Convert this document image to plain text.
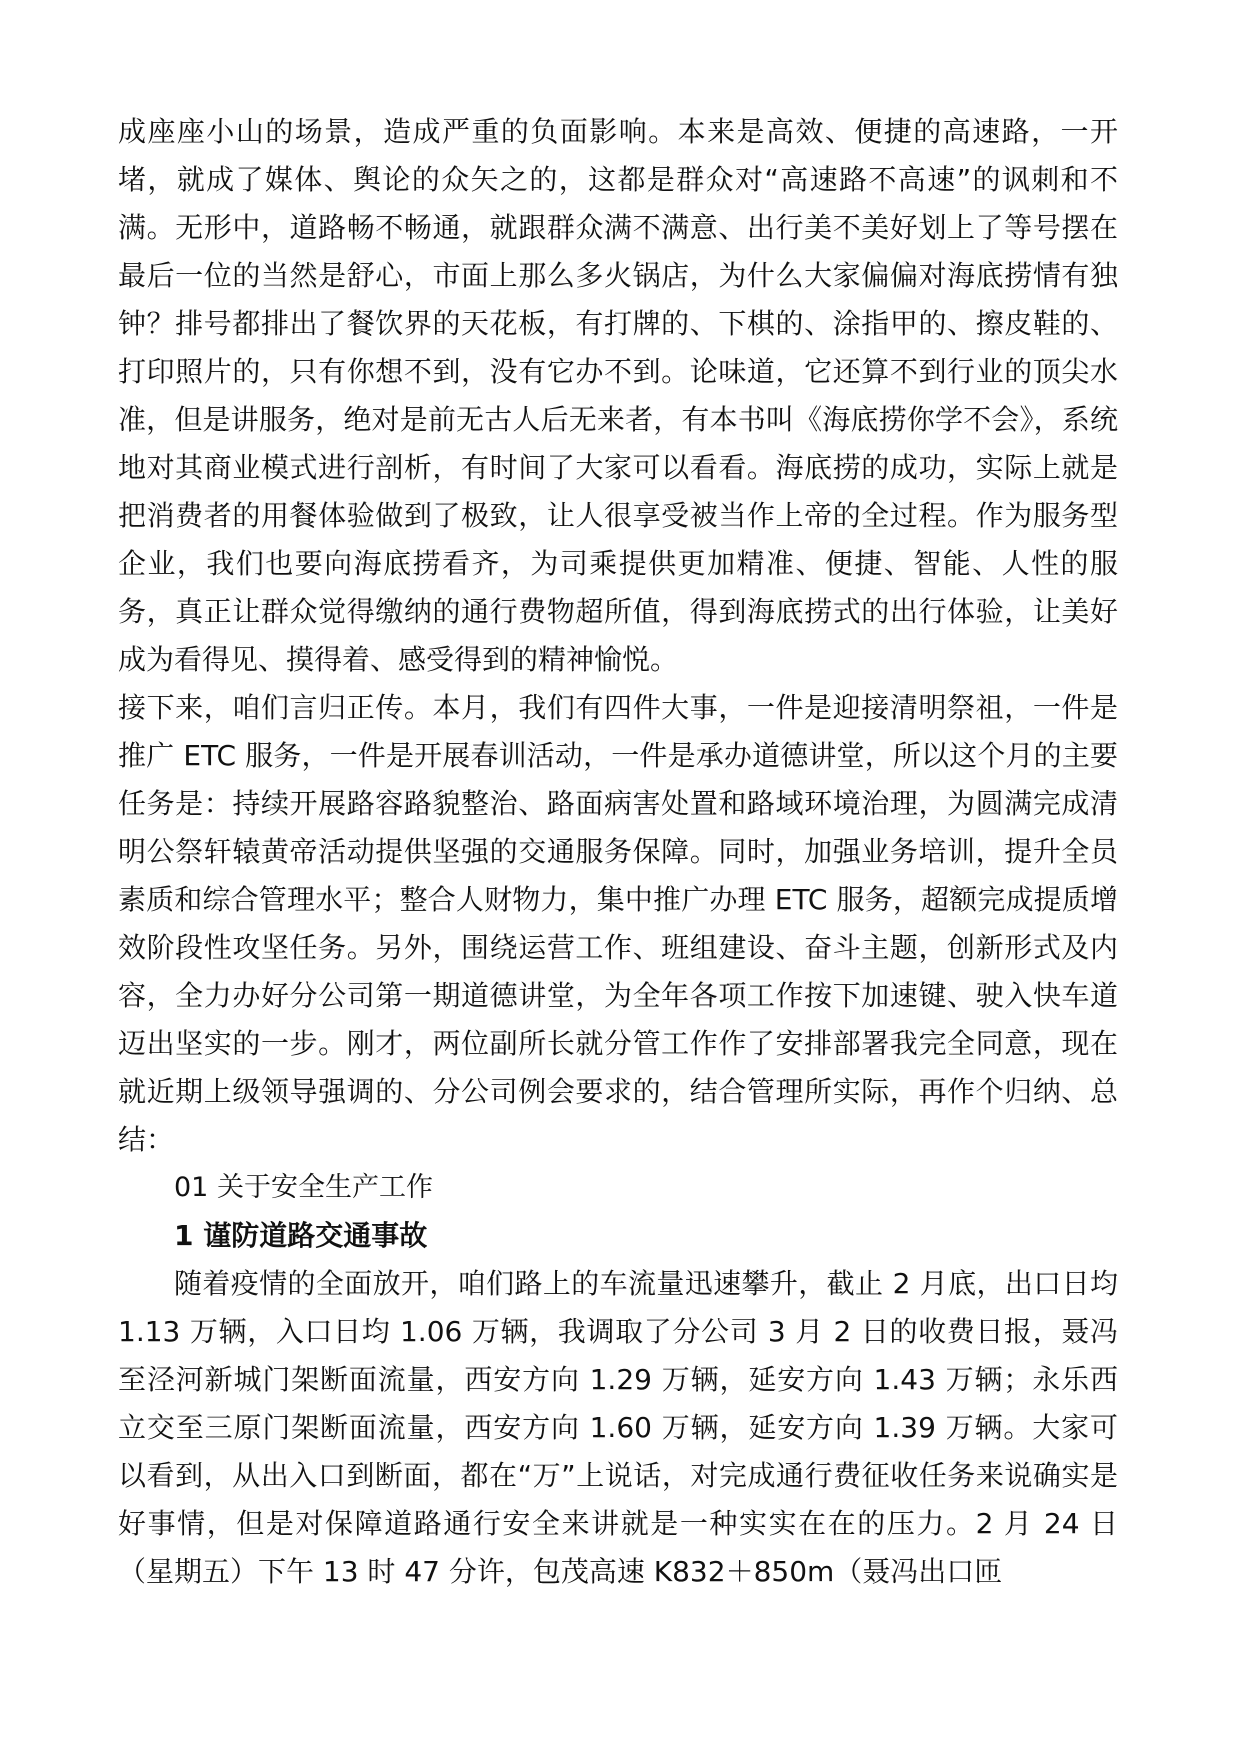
成座座小山的场景，造成严重的负面影响。本来是高效、便捷的高速路，一开堵，就成了媒体、舆论的众矢之的，这都是群众对“高速路不高速”的讽刺和不满。无形中，道路畅不畅通，就跟群众满不满意、出行美不美好划上了等号摆在最后一位的当然是舒心，市面上那么多火锅店，为什么大家偏偏对海底捞情有独钟？排号都排出了餐饮界的天花板，有打牌的、下棋的、涂指甲的、擦皮鞋的、打印照片的，只有你想不到，没有它办不到。论味道，它还算不到行业的顶尖水准，但是讲服务，绝对是前无古人后无来者，有本书叫《海底捞你学不会》，系统地对其商业模式进行剖析，有时间了大家可以看看。海底捞的成功，实际上就是把消费者的用餐体验做到了极致，让人很享受被当作上帝的全过程。作为服务型企业，我们也要向海底捞看齐，为司乘提供更加精准、便捷、智能、人性的服务，真正让群众觉得缴纳的通行费物超所值，得到海底捞式的出行体验，让美好成为看得见、摸得着、感受得到的精神愉悦。

接下来，咱们言归正传。本月，我们有四件大事，一件是迎接清明祭祖，一件是推广 ETC 服务，一件是开展春训活动，一件是承办道德讲堂，所以这个月的主要任务是：持续开展路容路貌整治、路面病害处置和路域环境治理，为圆满完成清明公祭轩辕黄帝活动提供坚强的交通服务保障。同时，加强业务培训，提升全员素质和综合管理水平；整合人财物力，集中推广办理 ETC 服务，超额完成提质增效阶段性攻坚任务。另外，围绕运营工作、班组建设、奋斗主题，创新形式及内容，全力办好分公司第一期道德讲堂，为全年各项工作按下加速键、驶入快车道迈出坚实的一步。刚才，两位副所长就分管工作作了安排部署我完全同意，现在就近期上级领导强调的、分公司例会要求的，结合管理所实际，再作个归纳、总结：

01 关于安全生产工作

1 谨防道路交通事故

随着疫情的全面放开，咱们路上的车流量迅速攀升，截止 2 月底，出口日均 1.13 万辆，入口日均 1.06 万辆，我调取了分公司 3 月 2 日的收费日报，聂冯至泾河新城门架断面流量，西安方向 1.29 万辆，延安方向 1.43 万辆；永乐西立交至三原门架断面流量，西安方向 1.60 万辆，延安方向 1.39 万辆。大家可以看到，从出入口到断面，都在“万”上说话，对完成通行费征收任务来说确实是好事情，但是对保障道路通行安全来讲就是一种实实在在的压力。2 月 24 日（星期五）下午 13 时 47 分许，包茂高速 K832＋850m（聂冯出口匝
